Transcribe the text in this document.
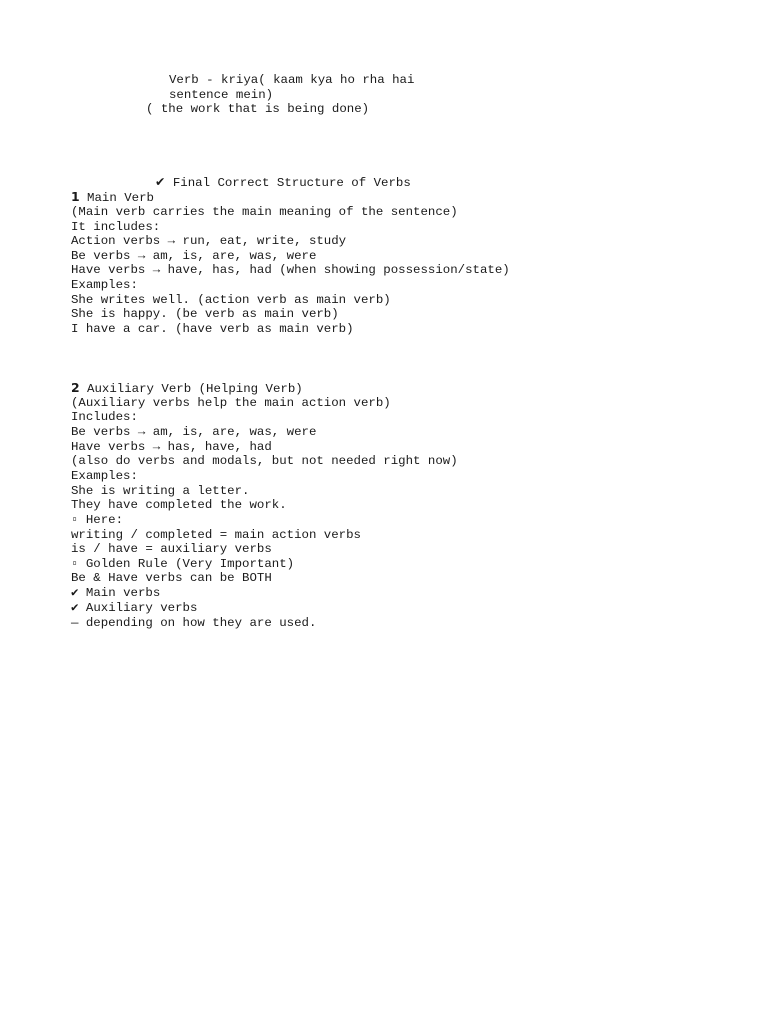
Verb - kriya( kaam kya ho rha hai
sentence mein)
( the work that is being done)
✔ Final Correct Structure of Verbs
1 Main Verb
(Main verb carries the main meaning of the sentence)
It includes:
Action verbs → run, eat, write, study
Be verbs → am, is, are, was, were
Have verbs → have, has, had (when showing possession/state)
Examples:
She writes well. (action verb as main verb)
She is happy. (be verb as main verb)
I have a car. (have verb as main verb)
2 Auxiliary Verb (Helping Verb)
(Auxiliary verbs help the main action verb)
Includes:
Be verbs → am, is, are, was, were
Have verbs → has, have, had
(also do verbs and modals, but not needed right now)
Examples:
She is writing a letter.
They have completed the work.
▫ Here:
writing / completed = main action verbs
is / have = auxiliary verbs
▫ Golden Rule (Very Important)
Be & Have verbs can be BOTH
✔ Main verbs
✔ Auxiliary verbs
— depending on how they are used.
